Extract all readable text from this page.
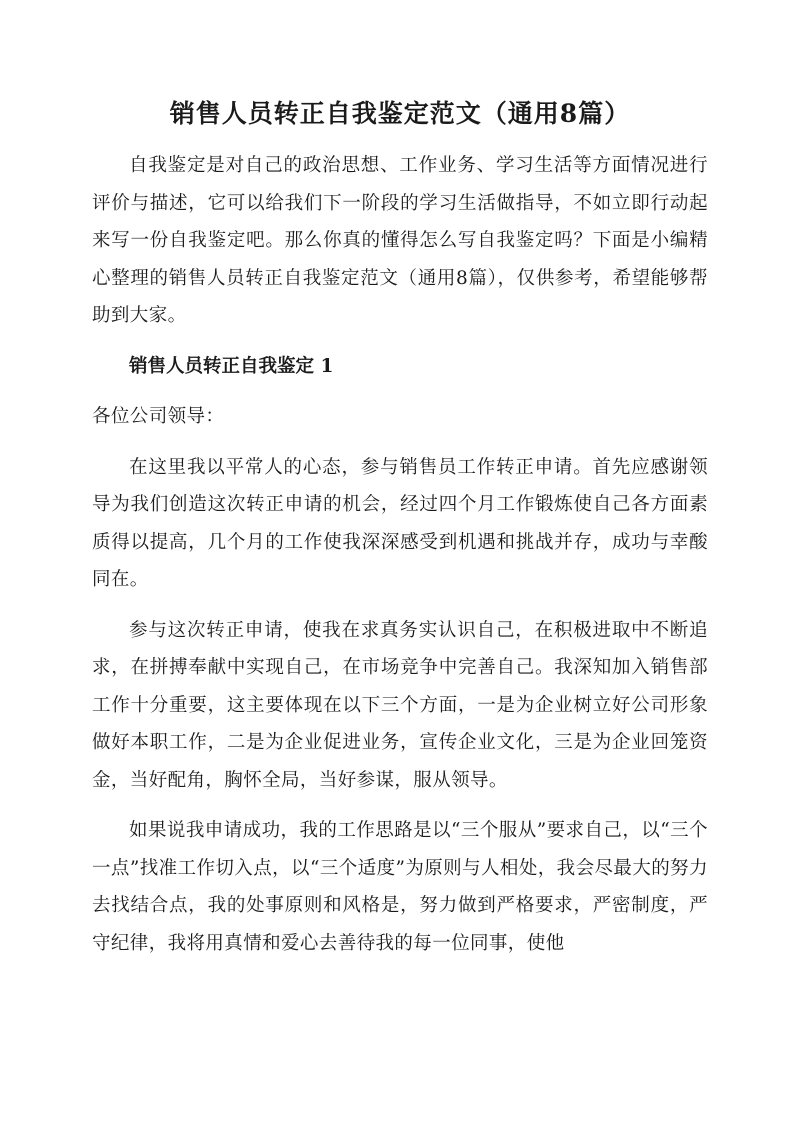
销售人员转正自我鉴定范文（通用8篇）

自我鉴定是对自己的政治思想、工作业务、学习生活等方面情况进行评价与描述，它可以给我们下一阶段的学习生活做指导，不如立即行动起来写一份自我鉴定吧。那么你真的懂得怎么写自我鉴定吗？下面是小编精心整理的销售人员转正自我鉴定范文（通用8篇），仅供参考，希望能够帮助到大家。

销售人员转正自我鉴定 1

各位公司领导：

在这里我以平常人的心态，参与销售员工作转正申请。首先应感谢领导为我们创造这次转正申请的机会，经过四个月工作锻炼使自己各方面素质得以提高，几个月的工作使我深深感受到机遇和挑战并存，成功与幸酸同在。

参与这次转正申请，使我在求真务实认识自己，在积极进取中不断追求，在拼搏奉献中实现自己，在市场竞争中完善自己。我深知加入销售部工作十分重要，这主要体现在以下三个方面，一是为企业树立好公司形象做好本职工作，二是为企业促进业务，宣传企业文化，三是为企业回笼资金，当好配角，胸怀全局，当好参谋，服从领导。

如果说我申请成功，我的工作思路是以“三个服从”要求自己，以“三个一点”找准工作切入点，以“三个适度”为原则与人相处，我会尽最大的努力去找结合点，我的处事原则和风格是，努力做到严格要求，严密制度，严守纪律，我将用真情和爱心去善待我的每一位同事，使他
